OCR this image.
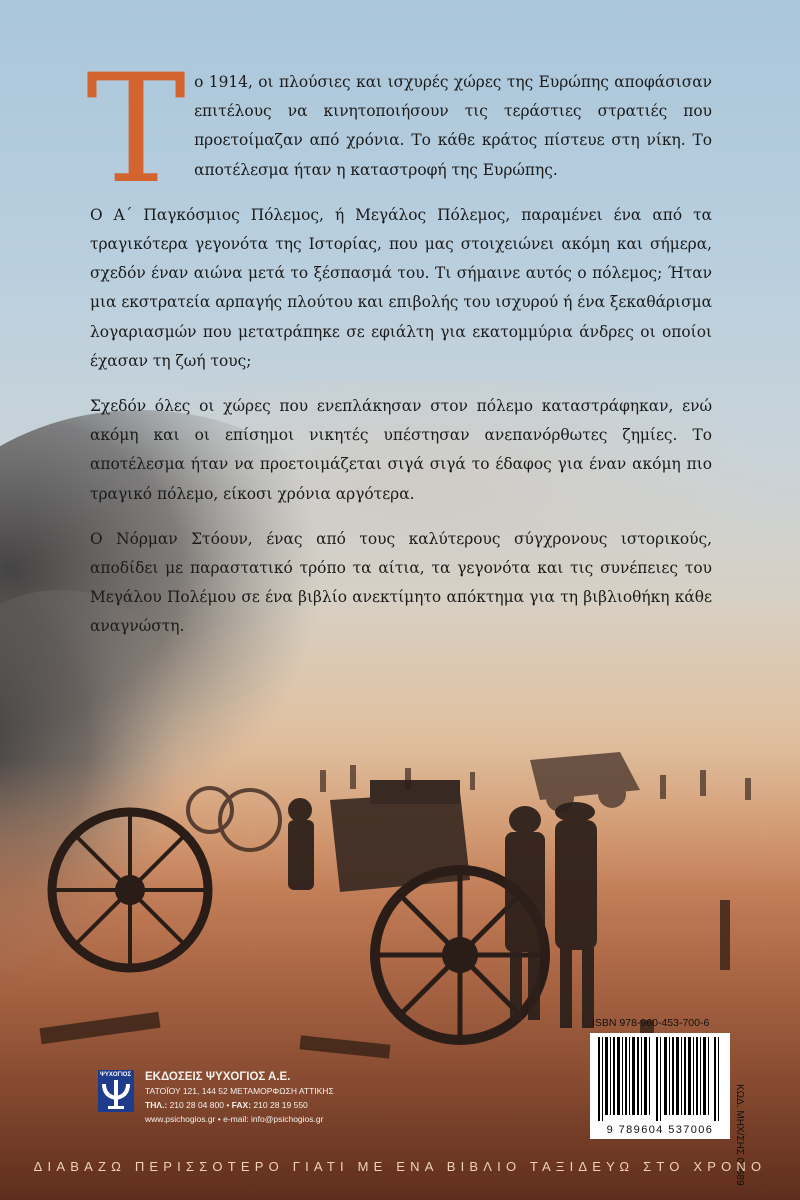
Το 1914, οι πλούσιες και ισχυρές χώρες της Ευρώπης αποφάσισαν επιτέλους να κινητοποιήσουν τις τεράστιες στρατιές που προετοίμαζαν από χρόνια. Το κάθε κράτος πίστευε στη νίκη. Το αποτέλεσμα ήταν η καταστροφή της Ευρώπης.

Ο Α΄ Παγκόσμιος Πόλεμος, ή Μεγάλος Πόλεμος, παραμένει ένα από τα τραγικότερα γεγονότα της Ιστορίας, που μας στοιχειώνει ακόμη και σήμερα, σχεδόν έναν αιώνα μετά το ξέσπασμά του. Τι σήμαινε αυτός ο πόλεμος; Ήταν μια εκστρατεία αρπαγής πλούτου και επιβολής του ισχυρού ή ένα ξεκαθάρισμα λογαριασμών που μετατράπηκε σε εφιάλτη για εκατομμύρια άνδρες οι οποίοι έχασαν τη ζωή τους;

Σχεδόν όλες οι χώρες που ενεπλάκησαν στον πόλεμο καταστράφηκαν, ενώ ακόμη και οι επίσημοι νικητές υπέστησαν ανεπανόρθωτες ζημίες. Το αποτέλεσμα ήταν να προετοιμάζεται σιγά σιγά το έδαφος για έναν ακόμη πιο τραγικό πόλεμο, είκοσι χρόνια αργότερα.

Ο Νόρμαν Στόουν, ένας από τους καλύτερους σύγχρονους ιστορικούς, αποδίδει με παραστατικό τρόπο τα αίτια, τα γεγονότα και τις συνέπειες του Μεγάλου Πολέμου σε ένα βιβλίο ανεκτίμητο απόκτημα για τη βιβλιοθήκη κάθε αναγνώστη.

ISBN 978-960-453-700-6
9 789604 537006	ΚΩΔ. ΜΗΧ/ΣΗΣ 07689
ΨΥΧΟΓΙΟΣ ΕΚΔΟΣΕΙΣ ΨΥΧΟΓΙΟΣ Α.Ε.
ΤΑΤΟΪΟΥ 121, 144 52 ΜΕΤΑΜΟΡΦΩΣΗ ΑΤΤΙΚΗΣ
ΤΗΛ.: 210 28 04 800 • FAX: 210 28 19 550
www.psichogios.gr • e-mail: info@psichogios.gr
ΔΙΑΒΑΖΩ ΠΕΡΙΣΣΟΤΕΡΟ ΓΙΑΤΙ ΜΕ ΕΝΑ ΒΙΒΛΙΟ ΤΑΞΙΔΕΥΩ ΣΤΟ ΧΡΟΝΟ
